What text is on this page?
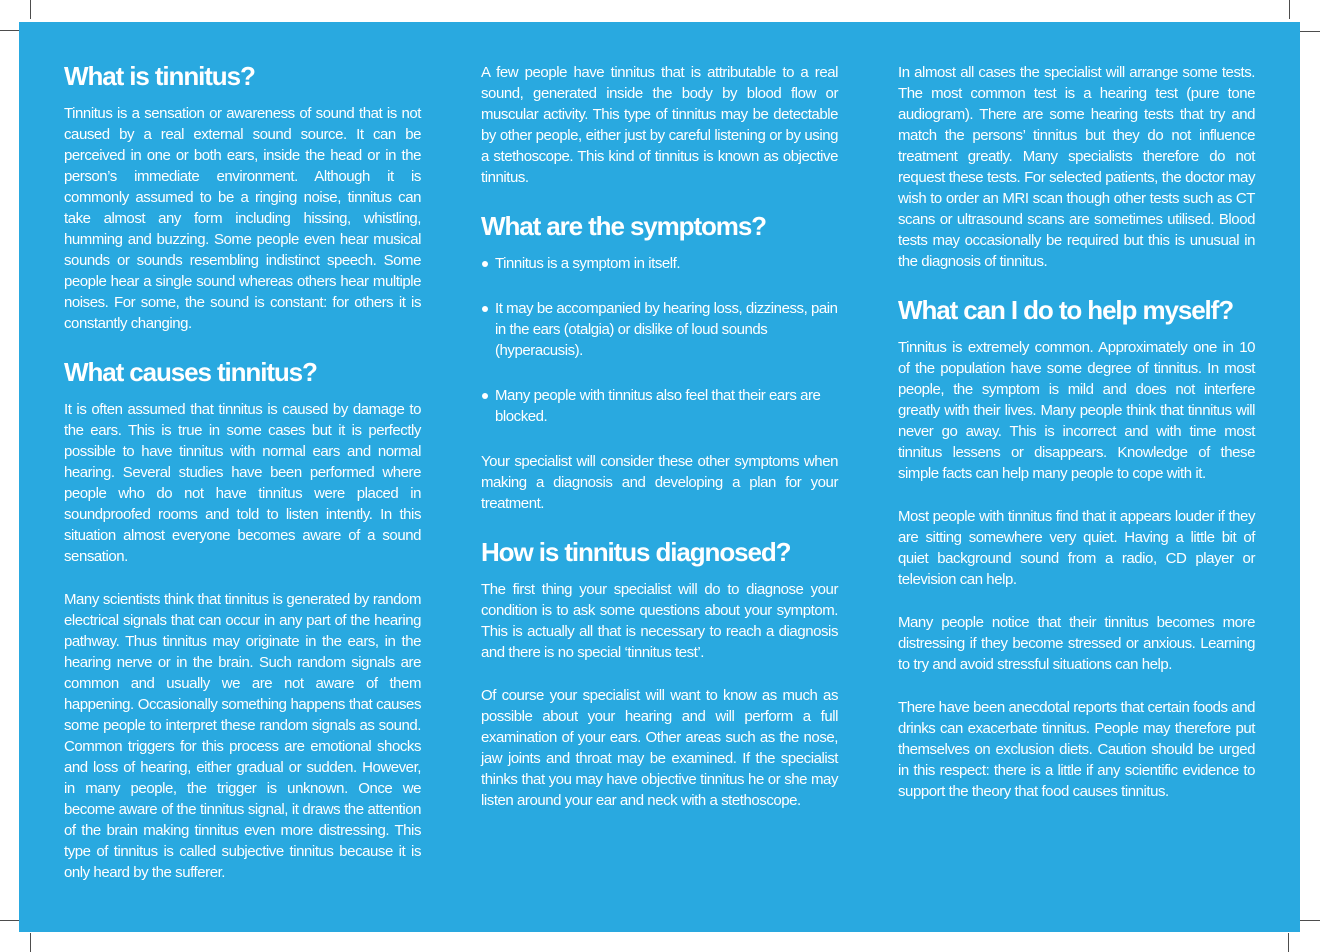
What is tinnitus?

Tinnitus is a sensation or awareness of sound that is not caused by a real external sound source. It can be perceived in one or both ears, inside the head or in the person’s immediate environment. Although it is commonly assumed to be a ringing noise, tinnitus can take almost any form including hissing, whistling, humming and buzzing. Some people even hear musical sounds or sounds resembling indistinct speech. Some people hear a single sound whereas others hear multiple noises. For some, the sound is constant: for others it is constantly changing.

What causes tinnitus?

It is often assumed that tinnitus is caused by damage to the ears. This is true in some cases but it is perfectly possible to have tinnitus with normal ears and normal hearing. Several studies have been performed where people who do not have tinnitus were placed in soundproofed rooms and told to listen intently. In this situation almost everyone becomes aware of a sound sensation.

Many scientists think that tinnitus is generated by random electrical signals that can occur in any part of the hearing pathway. Thus tinnitus may originate in the ears, in the hearing nerve or in the brain. Such random signals are common and usually we are not aware of them happening. Occasionally something happens that causes some people to interpret these random signals as sound. Common triggers for this process are emotional shocks and loss of hearing, either gradual or sudden. However, in many people, the trigger is unknown. Once we become aware of the tinnitus signal, it draws the attention of the brain making tinnitus even more distressing. This type of tinnitus is called subjective tinnitus because it is only heard by the sufferer.

A few people have tinnitus that is attributable to a real sound, generated inside the body by blood flow or muscular activity. This type of tinnitus may be detectable by other people, either just by careful listening or by using a stethoscope. This kind of tinnitus is known as objective tinnitus.

What are the symptoms?
Tinnitus is a symptom in itself.
It may be accompanied by hearing loss, dizziness, pain in the ears (otalgia) or dislike of loud sounds (hyperacusis).
Many people with tinnitus also feel that their ears are blocked.

Your specialist will consider these other symptoms when making a diagnosis and developing a plan for your treatment.

How is tinnitus diagnosed?

The first thing your specialist will do to diagnose your condition is to ask some questions about your symptom. This is actually all that is necessary to reach a diagnosis and there is no special ‘tinnitus test’.

Of course your specialist will want to know as much as possible about your hearing and will perform a full examination of your ears. Other areas such as the nose, jaw joints and throat may be examined. If the specialist thinks that you may have objective tinnitus he or she may listen around your ear and neck with a stethoscope.

In almost all cases the specialist will arrange some tests. The most common test is a hearing test (pure tone audiogram). There are some hearing tests that try and match the persons’ tinnitus but they do not influence treatment greatly. Many specialists therefore do not request these tests. For selected patients, the doctor may wish to order an MRI scan though other tests such as CT scans or ultrasound scans are sometimes utilised. Blood tests may occasionally be required but this is unusual in the diagnosis of tinnitus.

What can I do to help myself?

Tinnitus is extremely common. Approximately one in 10 of the population have some degree of tinnitus. In most people, the symptom is mild and does not interfere greatly with their lives. Many people think that tinnitus will never go away. This is incorrect and with time most tinnitus lessens or disappears. Knowledge of these simple facts can help many people to cope with it.

Most people with tinnitus find that it appears louder if they are sitting somewhere very quiet. Having a little bit of quiet background sound from a radio, CD player or television can help.

Many people notice that their tinnitus becomes more distressing if they become stressed or anxious. Learning to try and avoid stressful situations can help.

There have been anecdotal reports that certain foods and drinks can exacerbate tinnitus. People may therefore put themselves on exclusion diets. Caution should be urged in this respect: there is a little if any scientific evidence to support the theory that food causes tinnitus.
